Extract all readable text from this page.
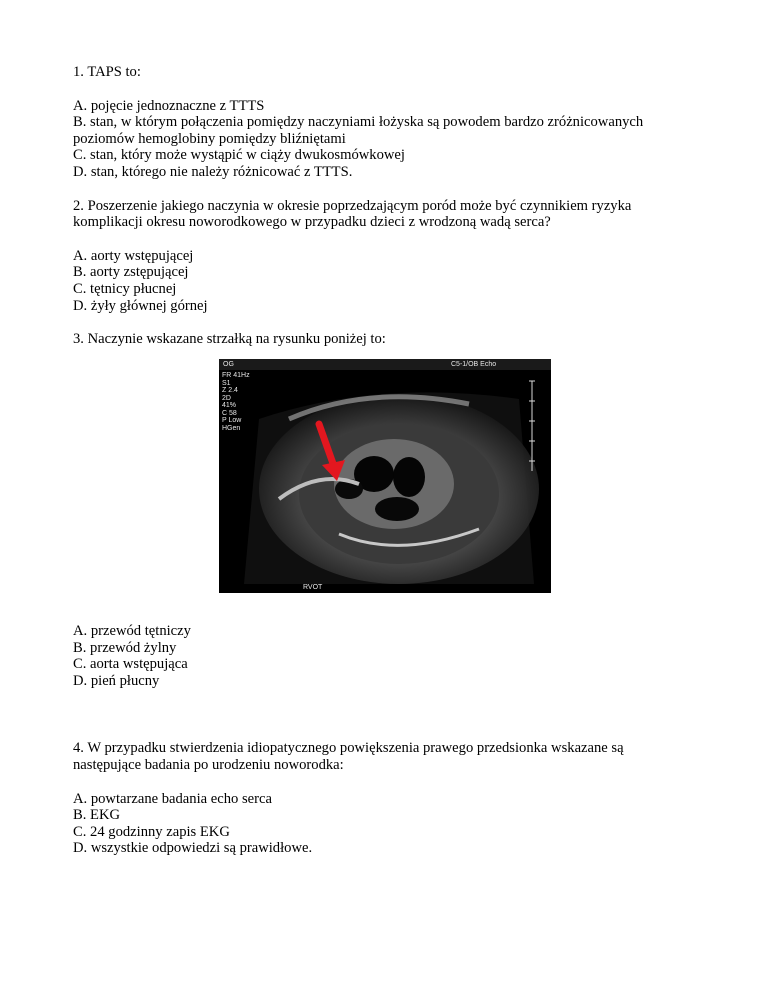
1. TAPS to:

A. pojęcie jednoznaczne z TTTS

B. stan, w którym połączenia pomiędzy naczyniami łożyska są powodem bardzo zróżnicowanych

poziomów hemoglobiny pomiędzy bliźniętami

C. stan, który może wystąpić w ciąży dwukosmówkowej

D. stan, którego nie należy różnicować z TTTS.

2. Poszerzenie jakiego naczynia w okresie poprzedzającym poród może być czynnikiem ryzyka

komplikacji okresu noworodkowego w przypadku dzieci z wrodzoną wadą serca?

A. aorty wstępującej

B. aorty zstępującej

C. tętnicy płucnej

D. żyły głównej górnej

3. Naczynie wskazane strzałką na rysunku poniżej to:

OG	C5-1/OB Echo
FR 41Hz
S1
Z 2.4
2D
41%
C 58
P Low
HGen
RVOT

A. przewód tętniczy

B. przewód żylny

C. aorta wstępująca

D. pień płucny

4. W przypadku stwierdzenia idiopatycznego powiększenia prawego przedsionka wskazane są

następujące badania po urodzeniu noworodka:

A. powtarzane badania echo serca

B. EKG

C. 24 godzinny zapis EKG

D. wszystkie odpowiedzi są prawidłowe.
